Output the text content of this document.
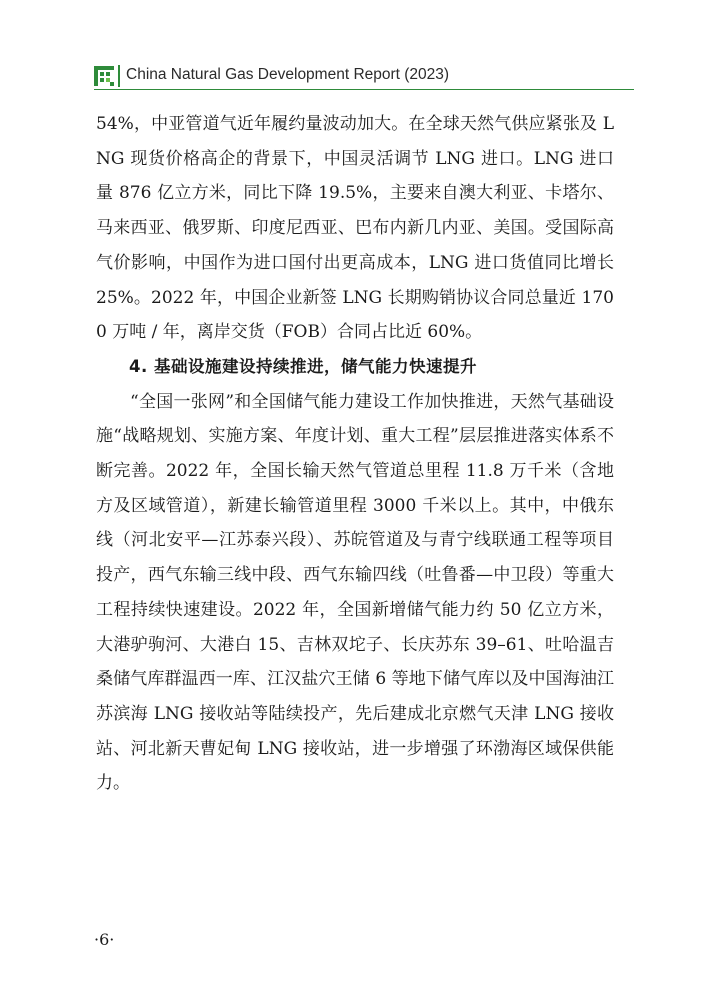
China Natural Gas Development Report (2023)

54%，中亚管道气近年履约量波动加大。在全球天然气供应紧张及 LNG 现货价格高企的背景下，中国灵活调节 LNG 进口。LNG 进口量 876 亿立方米，同比下降 19.5%，主要来自澳大利亚、卡塔尔、马来西亚、俄罗斯、印度尼西亚、巴布内新几内亚、美国。受国际高气价影响，中国作为进口国付出更高成本，LNG 进口货值同比增长 25%。2022 年，中国企业新签 LNG 长期购销协议合同总量近 1700 万吨 / 年，离岸交货（FOB）合同占比近 60%。

4. 基础设施建设持续推进，储气能力快速提升

“全国一张网”和全国储气能力建设工作加快推进，天然气基础设施“战略规划、实施方案、年度计划、重大工程”层层推进落实体系不断完善。2022 年，全国长输天然气管道总里程 11.8 万千米（含地方及区域管道），新建长输管道里程 3000 千米以上。其中，中俄东线（河北安平—江苏泰兴段）、苏皖管道及与青宁线联通工程等项目投产，西气东输三线中段、西气东输四线（吐鲁番—中卫段）等重大工程持续快速建设。2022 年，全国新增储气能力约 50 亿立方米，大港驴驹河、大港白 15、吉林双坨子、长庆苏东 39–61、吐哈温吉桑储气库群温西一库、江汉盐穴王储 6 等地下储气库以及中国海油江苏滨海 LNG 接收站等陆续投产，先后建成北京燃气天津 LNG 接收站、河北新天曹妃甸 LNG 接收站，进一步增强了环渤海区域保供能力。

·6·
